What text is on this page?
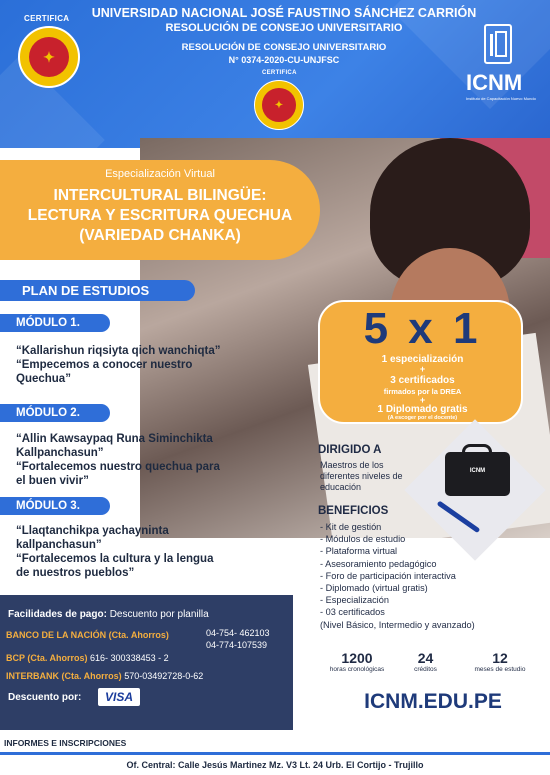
CERTIFICA
✦
UNIVERSIDAD NACIONAL JOSÉ FAUSTINO SÁNCHEZ CARRIÓN
RESOLUCIÓN DE CONSEJO UNIVERSITARIO
RESOLUCIÓN DE CONSEJO UNIVERSITARIO
N° 0374-2020-CU-UNJFSC
CERTIFICA
✦
ICNM
Instituto de Capacitación Nuevo Mundo
Especialización Virtual
INTERCULTURAL BILINGÜE:
LECTURA Y ESCRITURA QUECHUA
(VARIEDAD CHANKA)
PLAN DE ESTUDIOS
MÓDULO 1.
“Kallarishun riqsiyta qich wanchiqta”
“Empecemos a conocer nuestro
Quechua”
MÓDULO 2.
“Allin Kawsaypaq Runa Siminchikta
Kallpanchasun”
“Fortalecemos nuestro quechua para
el buen vivir”
MÓDULO 3.
“Llaqtanchikpa yachayninta
kallpanchasun”
“Fortalecemos la cultura y la lengua
de nuestros pueblos”
5 x 1
1 especialización
+
3 certificados
firmados por la DREA
+
1 Diplomado gratis
(A escoger por el docente)
DIRIGIDO A
Maestros de los diferentes niveles de educación
ICNM
BENEFICIOS
- Kit de gestión
- Módulos de estudio
- Plataforma virtual
- Asesoramiento pedagógico
- Foro de participación interactiva
- Diplomado (virtual gratis)
- Especialización
- 03 certificados
(Nivel Básico, Intermedio y avanzado)
1200
horas cronológicas
24
créditos
12
meses de estudio
ICNM.EDU.PE
Facilidades de pago: Descuento por planilla
BANCO DE LA NACIÓN (Cta. Ahorros)	04-754- 462103
04-774-107539
BCP (Cta. Ahorros) 616- 300338453 - 2
INTERBANK (Cta. Ahorros) 570-03492728-0-62
Descuento por:	VISA
INFORMES E INSCRIPCIONES
Of. Central: Calle Jesús Martinez Mz. V3 Lt. 24 Urb. El Cortijo - Trujillo
